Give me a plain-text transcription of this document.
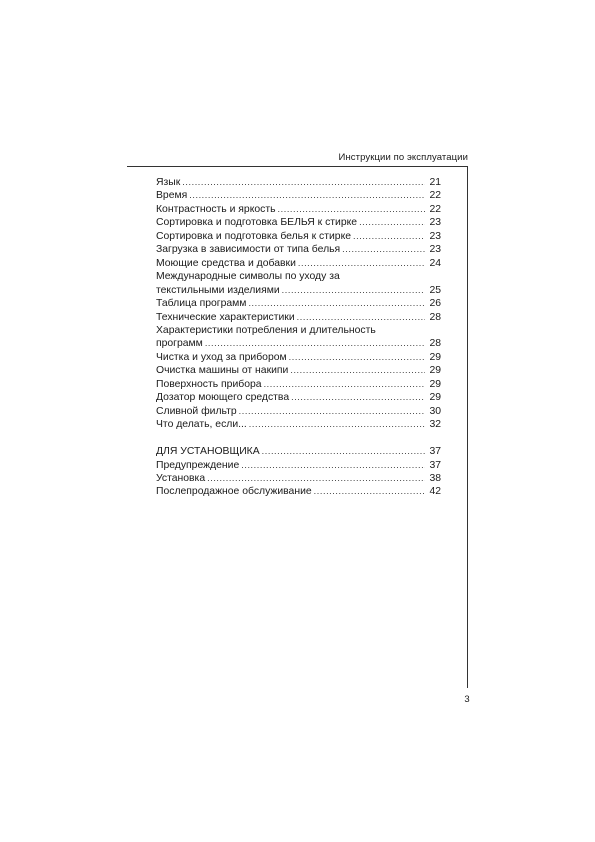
Инструкции по эксплуатации
Язык .....	21
Время .....	22
Контрастность и яркость .....	22
Сортировка и подготовка БЕЛЬЯ к стирке .....	23
Сортировка и подготовка белья к стирке .....	23
Загрузка в зависимости от типа белья .....	23
Моющие средства и добавки .....	24
Международные символы по уходу за
текстильными изделиями .....	25
Таблица программ .....	26
Технические характеристики .....	28
Характеристики потребления и длительность
программ .....	28
Чистка и уход за прибором .....	29
Очистка машины от накипи .....	29
Поверхность прибора .....	29
Дозатор моющего средства .....	29
Сливной фильтр .....	30
Что делать, если... .....	32
ДЛЯ УСТАНОВЩИКА .....	37
Предупреждение .....	37
Установка .....	38
Послепродажное обслуживание .....	42
3
